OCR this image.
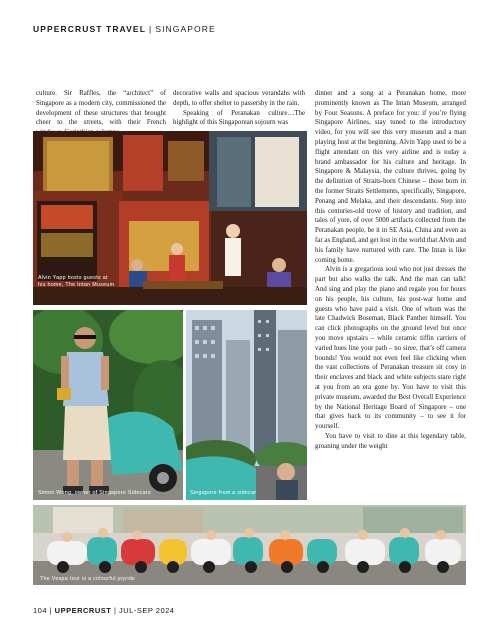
UPPERCRUST TRAVEL | SINGAPORE

culture. Sir Raffles, the “architect” of Singapore as a modern city, commissioned the development of these structures that brought cheer to the streets, with their French

decorative walls and spacious verandahs with depth, to offer shelter to passersby in the rain.

Speaking of Peranakan culture…The highlight of this Singaporean sojourn was

dinner and a song at a Peranakan home, more prominently known as The Intan Museum, arranged by Four Seasons. A preface for you: if you’re flying Singapore Airlines, stay tuned to the introductory video, for you will see this very museum and a man playing host at the beginning. Alvin Yapp used to be a flight attendant on this very airline and is today a brand ambassador for his culture and heritage. In Singapore & Malaysia, the culture thrives, going by the definition of Straits-born Chinese – those born in the former Straits Settlements, specifically, Singapore, Penang and Melaka, and their descendants. Step into this centuries-old trove of history and tradition, and tales of yore, of over 5000 artifacts collected from the Peranakan people, be it in SE Asia, China and even as far as England, and get lost in the world that Alvin and his family have nurtured with care. The Intan is like coming home.

Alvin is a gregarious soul who not just dresses the part but also walks the talk. And the man can talk! And sing and play the piano and regale you for hours on his people, his culture, his post-war home and guests who have paid a visit. One of whom was the late Chadwick Boseman, Black Panther himself. You can click photographs on the ground level but once you move upstairs – while ceramic tiffin carriers of varied hues line your path – no siree, that’s off camera bounds! You would not even feel like clicking when the vast collections of Peranakan treasure sit cosy in their enclaves and black and white subjects stare right at you from an era gone by. You have to visit this private museum, awarded the Best Overall Experience by the National Heritage Board of Singapore – one that gives back to its community – to see it for yourself.

You have to visit to dine at this legendary table, groaning under the weight

Alvin Yapp hosts guests at
his home, The Intan Museum
Simon Wong, owner of Singapore Sidecars	Singapore from a sidecar
The Vespa tour is a colourful joyride
104 | UPPERCRUST | JUL-SEP 2024
